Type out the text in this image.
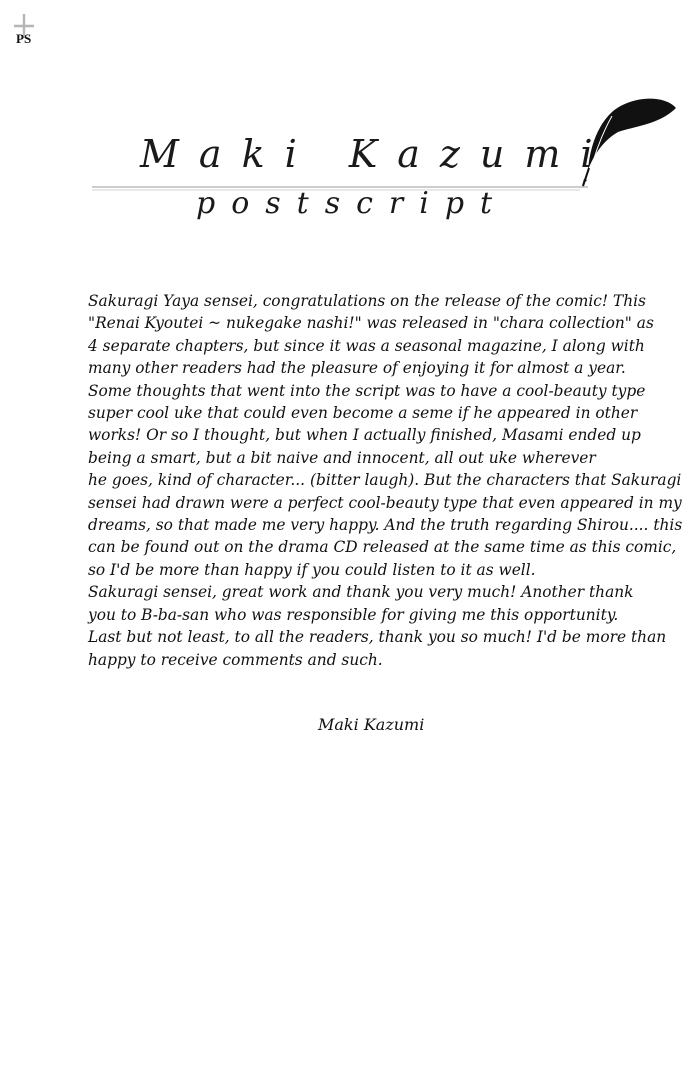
PS
Maki Kazumi
postscript
Sakuragi Yaya sensei, congratulations on the release of the comic! This
"Renai Kyoutei ~ nukegake nashi!" was released in "chara collection" as
4 separate chapters, but since it was a seasonal magazine, I along with
many other readers had the pleasure of enjoying it for almost a year.
Some thoughts that went into the script was to have a cool-beauty type
super cool uke that could even become a seme if he appeared in other
works! Or so I thought, but when I actually finished, Masami ended up
being a smart, but a bit naive and innocent, all out uke wherever
he goes, kind of character... (bitter laugh). But the characters that Sakuragi
sensei had drawn were a perfect cool-beauty type that even appeared in my
dreams, so that made me very happy. And the truth regarding Shirou.... this
can be found out on the drama CD released at the same time as this comic,
so I'd be more than happy if you could listen to it as well.
Sakuragi sensei, great work and thank you very much! Another thank
you to B-ba-san who was responsible for giving me this opportunity.
Last but not least, to all the readers, thank you so much! I'd be more than
happy to receive comments and such.
Maki Kazumi
